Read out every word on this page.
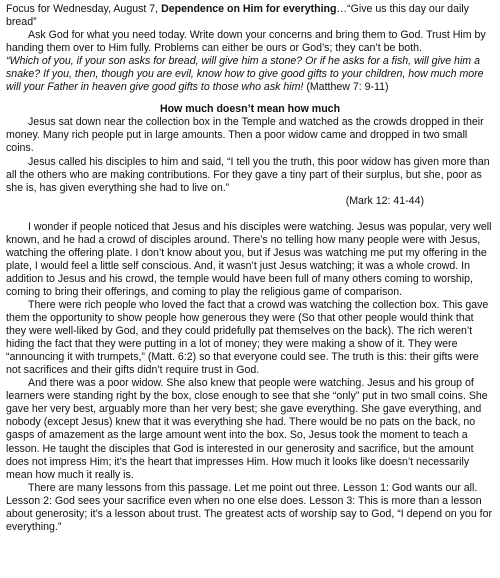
Focus for Wednesday, August 7, Dependence on Him for everything…“Give us this day our daily bread”

Ask God for what you need today. Write down your concerns and bring them to God. Trust Him by handing them over to Him fully. Problems can either be ours or God’s; they can’t be both.

“Which of you, if your son asks for bread, will give him a stone? Or if he asks for a fish, will give him a snake? If you, then, though you are evil, know how to give good gifts to your children, how much more will your Father in heaven give good gifts to those who ask him! (Matthew 7: 9-11)

How much doesn’t mean how much

Jesus sat down near the collection box in the Temple and watched as the crowds dropped in their money. Many rich people put in large amounts. Then a poor widow came and dropped in two small coins.

Jesus called his disciples to him and said, “I tell you the truth, this poor widow has given more than all the others who are making contributions. For they gave a tiny part of their surplus, but she, poor as she is, has given everything she had to live on.”

(Mark 12: 41-44)

I wonder if people noticed that Jesus and his disciples were watching. Jesus was popular, very well known, and he had a crowd of disciples around. There’s no telling how many people were with Jesus, watching the offering plate. I don’t know about you, but if Jesus was watching me put my offering in the plate, I would feel a little self conscious. And, it wasn’t just Jesus watching; it was a whole crowd. In addition to Jesus and his crowd, the temple would have been full of many others coming to worship, coming to bring their offerings, and coming to play the religious game of comparison.

There were rich people who loved the fact that a crowd was watching the collection box. This gave them the opportunity to show people how generous they were (So that other people would think that they were well-liked by God, and they could pridefully pat themselves on the back). The rich weren’t hiding the fact that they were putting in a lot of money; they were making a show of it. They were “announcing it with trumpets,” (Matt. 6:2) so that everyone could see. The truth is this: their gifts were not sacrifices and their gifts didn’t require trust in God.

And there was a poor widow. She also knew that people were watching. Jesus and his group of learners were standing right by the box, close enough to see that she “only” put in two small coins. She gave her very best, arguably more than her very best; she gave everything. She gave everything, and nobody (except Jesus) knew that it was everything she had. There would be no pats on the back, no gasps of amazement as the large amount went into the box. So, Jesus took the moment to teach a lesson. He taught the disciples that God is interested in our generosity and sacrifice, but the amount does not impress Him; it’s the heart that impresses Him. How much it looks like doesn’t necessarily mean how much it really is.

There are many lessons from this passage. Let me point out three. Lesson 1: God wants our all. Lesson 2: God sees your sacrifice even when no one else does. Lesson 3: This is more than a lesson about generosity; it’s a lesson about trust. The greatest acts of worship say to God, “I depend on you for everything.”
